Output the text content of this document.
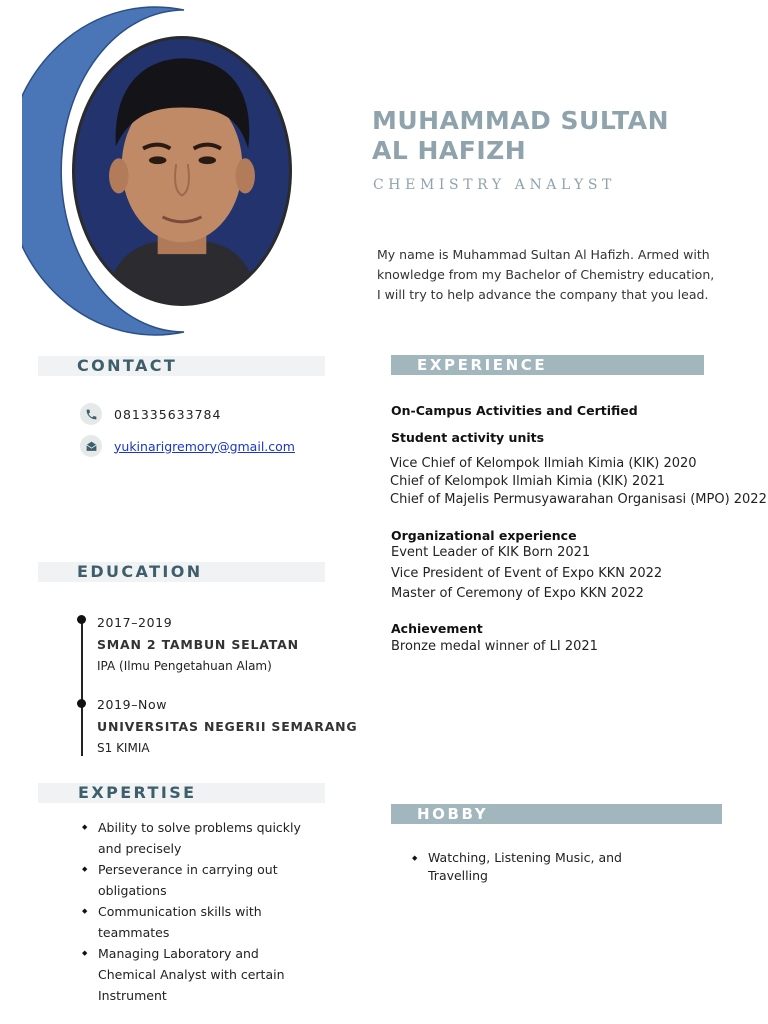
MUHAMMAD SULTAN
AL HAFIZH
CHEMISTRY ANALYST
My name is Muhammad Sultan Al Hafizh. Armed with knowledge from my Bachelor of Chemistry education, I will try to help advance the company that you lead.
CONTACT
081335633784
yukinarigremory@gmail.com
EDUCATION
2017–2019
SMAN 2 TAMBUN SELATAN
IPA (Ilmu Pengetahuan Alam)
2019–Now
UNIVERSITAS NEGERII SEMARANG
S1 KIMIA
EXPERTISE
◆ Ability to solve problems quickly
and precisely
◆ Perseverance in carrying out
obligations
◆ Communication skills with
teammates
◆ Managing Laboratory and
Chemical Analyst with certain
Instrument
EXPERIENCE
On-Campus Activities and Certified
Student activity units
Vice Chief of Kelompok Ilmiah Kimia (KIK) 2020
Chief of Kelompok Ilmiah Kimia (KIK) 2021
Chief of Majelis Permusyawarahan Organisasi (MPO) 2022
Organizational experience
Event Leader of KIK Born 2021
Vice President of Event of Expo KKN 2022
Master of Ceremony of Expo KKN 2022
Achievement
Bronze medal winner of LI 2021
HOBBY
◆ Watching, Listening Music, and
Travelling
